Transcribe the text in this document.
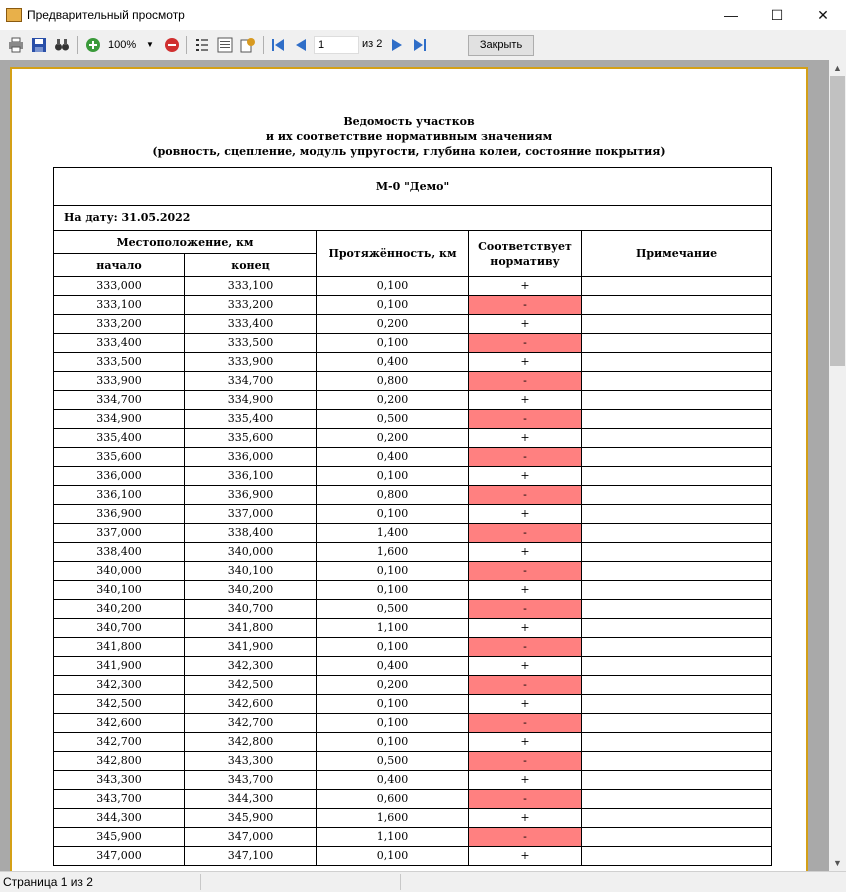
Предварительный просмотр	—	☐	✕
100% ▼	1	из 2	Закрыть
Ведомость участков
и их соответствие нормативным значениям
(ровность, сцепление, модуль упругости, глубина колеи, состояние покрытия)
М-0 "Демо"				
На дату: 31.05.2022				
Местоположение, км		Протяжённость, км	Соответствует нормативу	Примечание
начало	конец			
333,000	333,100	0,100	+	
333,100	333,200	0,100	-	
333,200	333,400	0,200	+	
333,400	333,500	0,100	-	
333,500	333,900	0,400	+	
333,900	334,700	0,800	-	
334,700	334,900	0,200	+	
334,900	335,400	0,500	-	
335,400	335,600	0,200	+	
335,600	336,000	0,400	-	
336,000	336,100	0,100	+	
336,100	336,900	0,800	-	
336,900	337,000	0,100	+	
337,000	338,400	1,400	-	
338,400	340,000	1,600	+	
340,000	340,100	0,100	-	
340,100	340,200	0,100	+	
340,200	340,700	0,500	-	
340,700	341,800	1,100	+	
341,800	341,900	0,100	-	
341,900	342,300	0,400	+	
342,300	342,500	0,200	-	
342,500	342,600	0,100	+	
342,600	342,700	0,100	-	
342,700	342,800	0,100	+	
342,800	343,300	0,500	-	
343,300	343,700	0,400	+	
343,700	344,300	0,600	-	
344,300	345,900	1,600	+	
345,900	347,000	1,100	-	
347,000	347,100	0,100	+	
▲
▼
Страница 1 из 2
